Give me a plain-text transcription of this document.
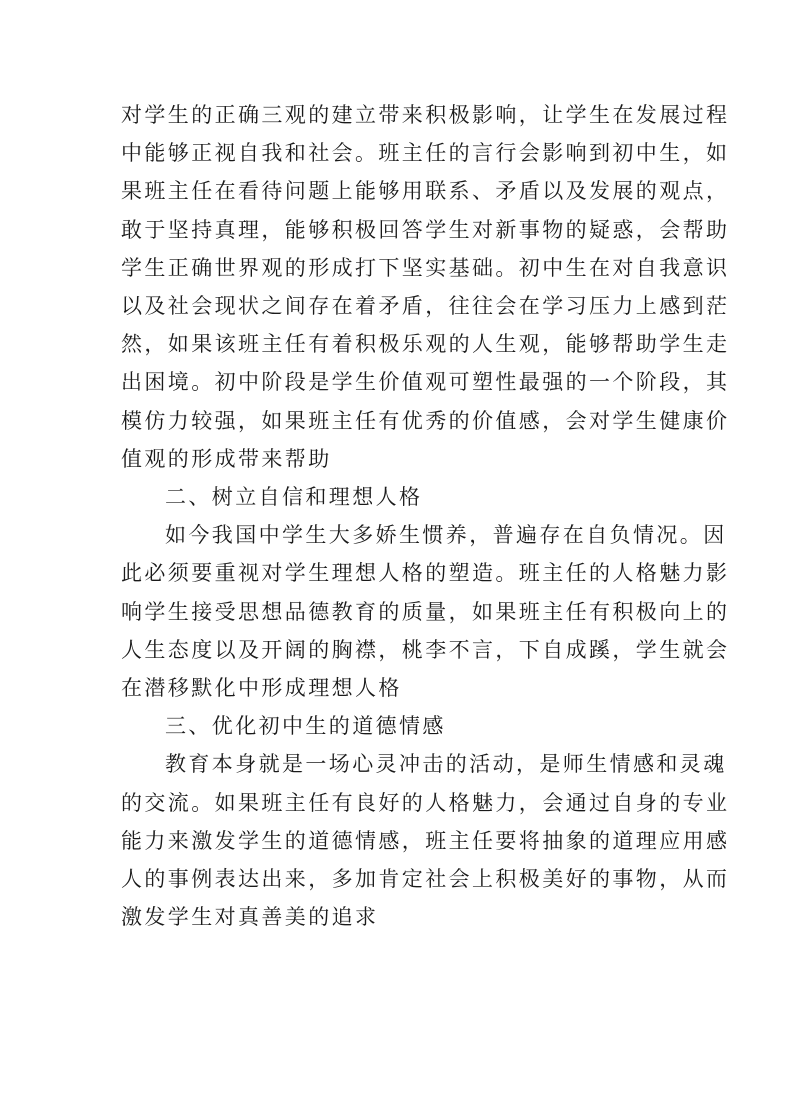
对学生的正确三观的建立带来积极影响，让学生在发展过程
中能够正视自我和社会。班主任的言行会影响到初中生，如
果班主任在看待问题上能够用联系、矛盾以及发展的观点，
敢于坚持真理，能够积极回答学生对新事物的疑惑，会帮助
学生正确世界观的形成打下坚实基础。初中生在对自我意识
以及社会现状之间存在着矛盾，往往会在学习压力上感到茫
然，如果该班主任有着积极乐观的人生观，能够帮助学生走
出困境。初中阶段是学生价值观可塑性最强的一个阶段，其
模仿力较强，如果班主任有优秀的价值感，会对学生健康价
值观的形成带来帮助
二、树立自信和理想人格
如今我国中学生大多娇生惯养，普遍存在自负情况。因
此必须要重视对学生理想人格的塑造。班主任的人格魅力影
响学生接受思想品德教育的质量，如果班主任有积极向上的
人生态度以及开阔的胸襟，桃李不言，下自成蹊，学生就会
在潜移默化中形成理想人格
三、优化初中生的道德情感
教育本身就是一场心灵冲击的活动，是师生情感和灵魂
的交流。如果班主任有良好的人格魅力，会通过自身的专业
能力来激发学生的道德情感，班主任要将抽象的道理应用感
人的事例表达出来，多加肯定社会上积极美好的事物，从而
激发学生对真善美的追求
